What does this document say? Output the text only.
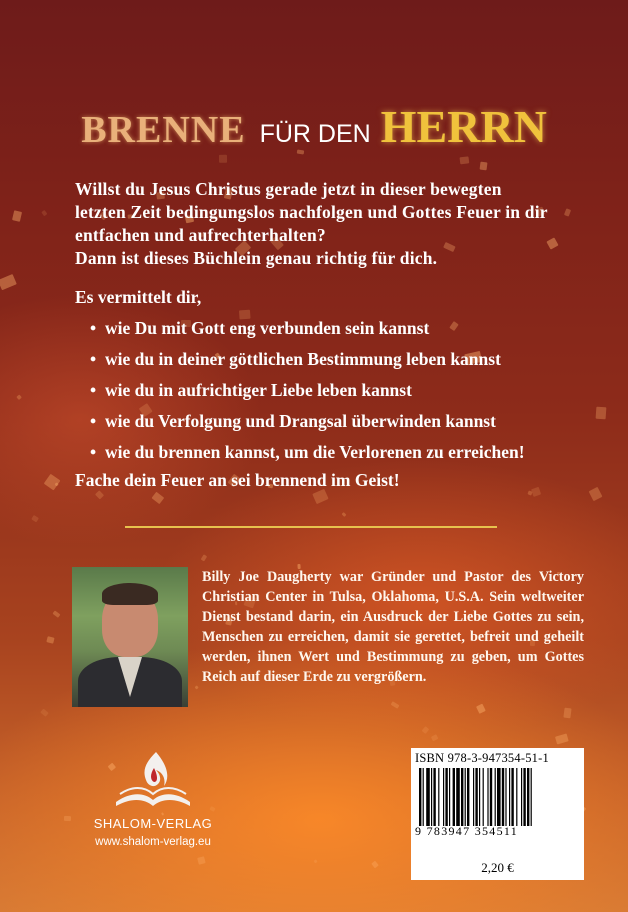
BRENNE FÜR DEN HERRN
Willst du Jesus Christus gerade jetzt in dieser bewegten
letzten Zeit bedingungslos nachfolgen und Gottes Feuer in dir
entfachen und aufrechterhalten?
Dann ist dieses Büchlein genau richtig für dich.
Es vermittelt dir,
• wie Du mit Gott eng verbunden sein kannst
• wie du in deiner göttlichen Bestimmung leben kannst
• wie du in aufrichtiger Liebe leben kannst
• wie du Verfolgung und Drangsal überwinden kannst
• wie du brennen kannst, um die Verlorenen zu erreichen!
Fache dein Feuer an sei brennend im Geist!
Billy Joe Daugherty war Gründer und Pastor des Victory Christian Center in Tulsa, Oklahoma, U.S.A. Sein weltweiter Dienst bestand darin, ein Ausdruck der Liebe Gottes zu sein, Menschen zu erreichen, damit sie gerettet, befreit und geheilt werden, ihnen Wert und Bestimmung zu geben, um Gottes Reich auf dieser Erde zu vergrößern.
SHALOM-VERLAG
www.shalom-verlag.eu
ISBN 978-3-947354-51-1
9 783947 354511
2,20 €
